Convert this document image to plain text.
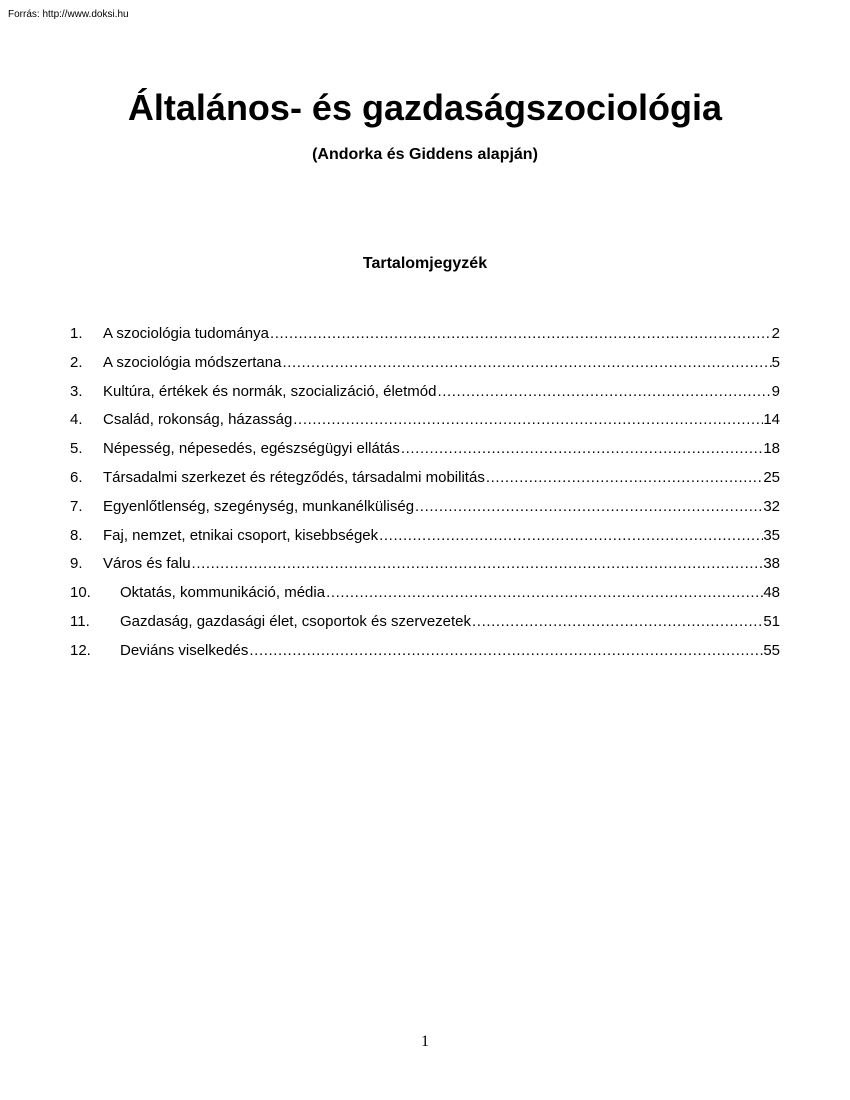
Forrás: http://www.doksi.hu
Általános- és gazdaságszociológia
(Andorka és Giddens alapján)
Tartalomjegyzék
1.	A szociológia tudománya .....	2
2.	A szociológia módszertana .....	5
3.	Kultúra, értékek és normák, szocializáció, életmód .....	9
4.	Család, rokonság, házasság .....	14
5.	Népesség, népesedés, egészségügyi ellátás .....	18
6.	Társadalmi szerkezet és rétegződés, társadalmi mobilitás .....	25
7.	Egyenlőtlenség, szegénység, munkanélküliség .....	32
8.	Faj, nemzet, etnikai csoport, kisebbségek .....	35
9.	Város és falu .....	38
10.	Oktatás, kommunikáció, média .....	48
11.	Gazdaság, gazdasági élet, csoportok és szervezetek .....	51
12.	Deviáns viselkedés .....	55
1
